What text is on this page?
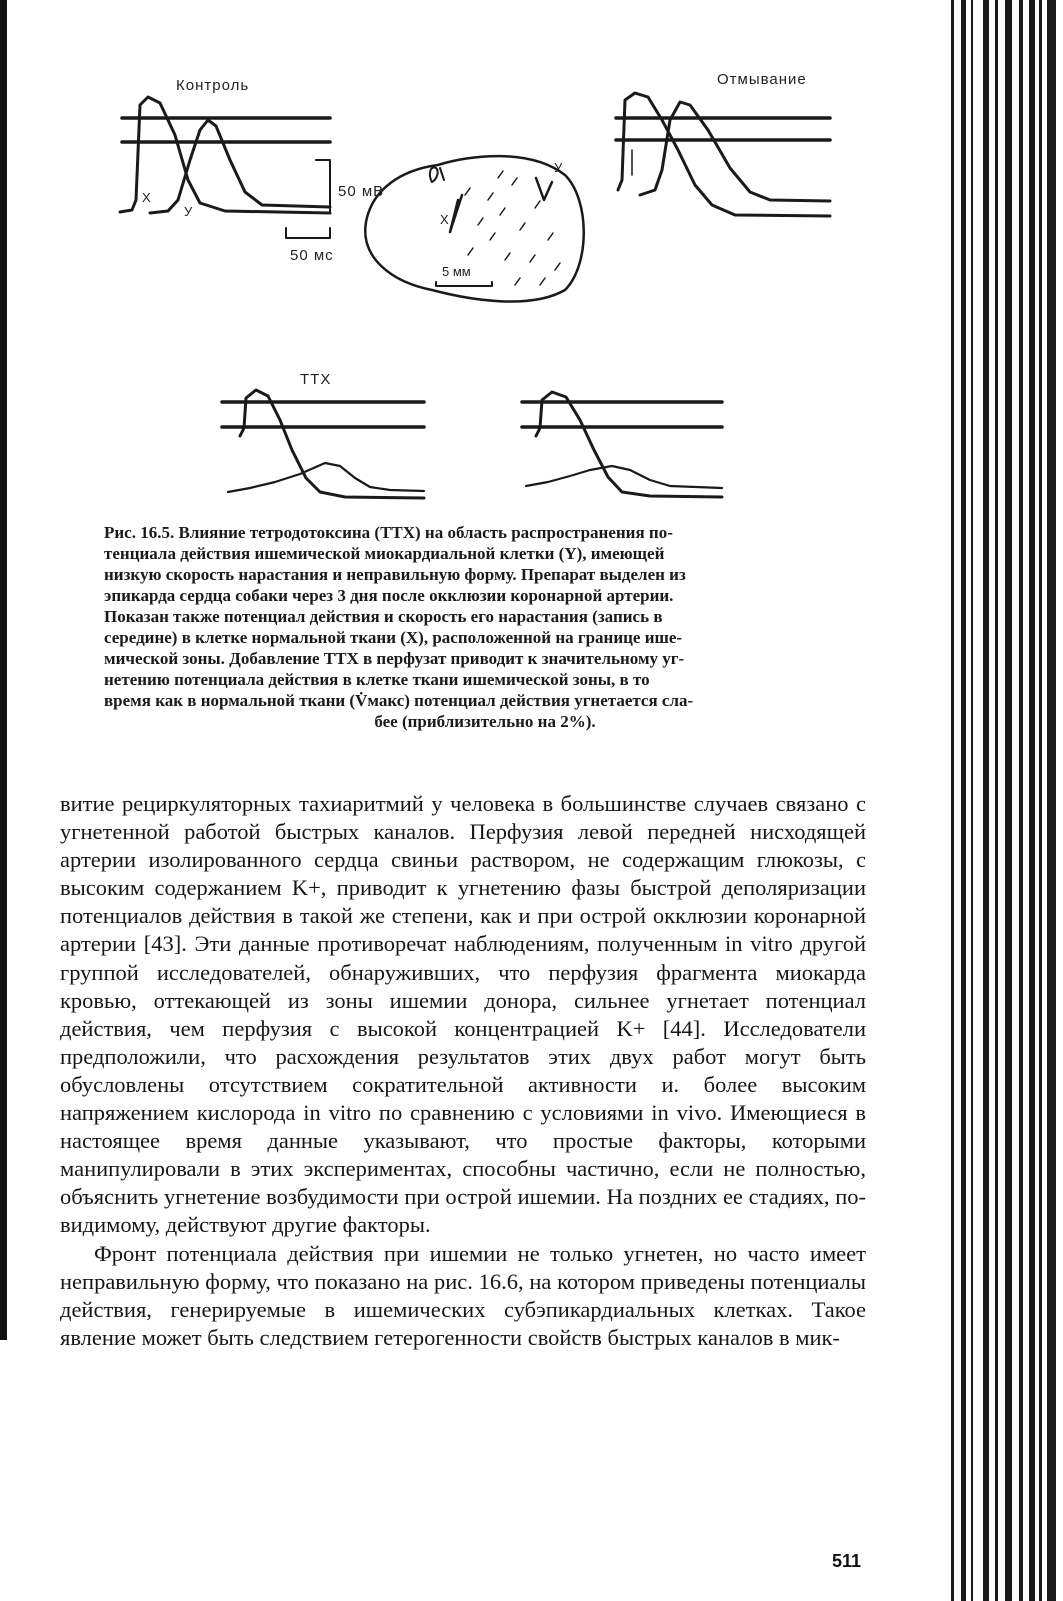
Контроль	Отмывание
ТТХ
Х
У
Х
У
50 мВ
50 мс
5 мм
Рис. 16.5. Влияние тетродотоксина (ТТХ) на область распространения по-
тенциала действия ишемической миокардиальной клетки (Y), имеющей
низкую скорость нарастания и неправильную форму. Препарат выделен из
эпикарда сердца собаки через 3 дня после окклюзии коронарной артерии.
Показан также потенциал действия и скорость его нарастания (запись в
середине) в клетке нормальной ткани (X), расположенной на границе ише-
мической зоны. Добавление ТТХ в перфузат приводит к значительному уг-
нетению потенциала действия в клетке ткани ишемической зоны, в то
время как в нормальной ткани (V̇макс) потенциал действия угнетается сла-
бее (приблизительно на 2%).

витие рециркуляторных тахиаритмий у человека в большинстве случаев связано с угнетенной работой быстрых каналов. Перфузия левой передней нисходящей артерии изолированного сердца свиньи раствором, не содержащим глюкозы, с высоким содержанием K+, приводит к угнетению фазы быстрой деполяризации потенциалов действия в такой же степени, как и при острой окклюзии коронарной артерии [43]. Эти данные противоречат наблюдениям, полученным in vitro другой группой исследователей, обнаруживших, что перфузия фрагмента миокарда кровью, оттекающей из зоны ишемии донора, сильнее угнетает потенциал действия, чем перфузия с высокой концентрацией K+ [44]. Исследователи предположили, что расхождения результатов этих двух работ могут быть обусловлены отсутствием сократительной активности и. более высоким напряжением кислорода in vitro по сравнению с условиями in vivo. Имеющиеся в настоящее время данные указывают, что простые факторы, которыми манипулировали в этих экспериментах, способны частично, если не полностью, объяснить угнетение возбудимости при острой ишемии. На поздних ее стадиях, по-видимому, действуют другие факторы.

Фронт потенциала действия при ишемии не только угнетен, но часто имеет неправильную форму, что показано на рис. 16.6, на котором приведены потенциалы действия, генерируемые в ишемических субэпикардиальных клетках. Такое явление может быть следствием гетерогенности свойств быстрых каналов в мик-

511
